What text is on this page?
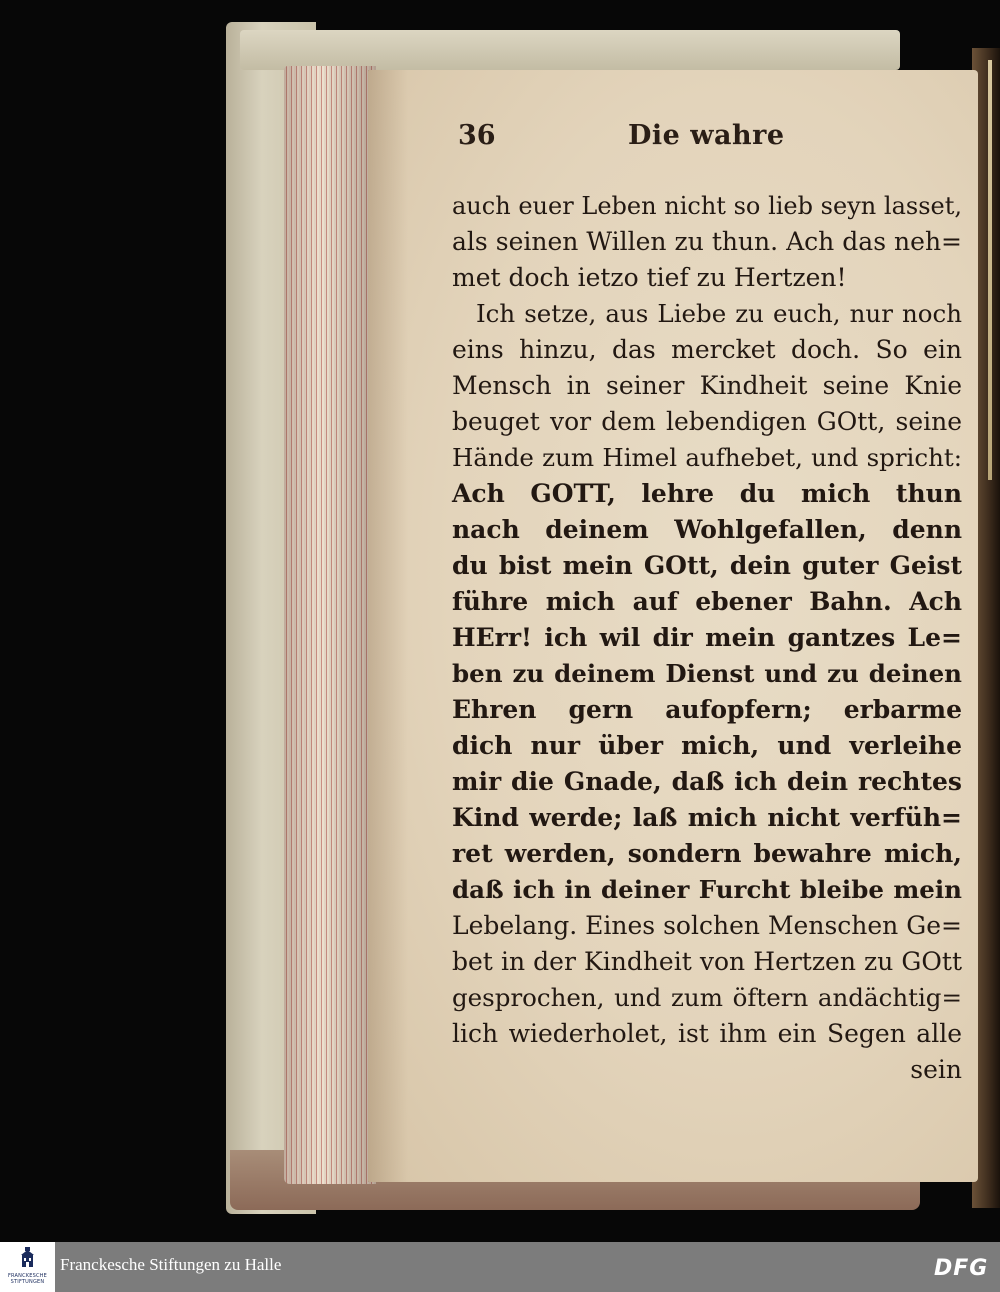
36	Die wahre
auch euer Leben nicht so lieb seyn lasset,
als seinen Willen zu thun. Ach das neh=
met doch ietzo tief zu Hertzen!
Ich setze, aus Liebe zu euch, nur noch
eins hinzu, das mercket doch. So ein
Mensch in seiner Kindheit seine Knie
beuget vor dem lebendigen GOtt, seine
Hände zum Himel aufhebet, und spricht:
Ach GOTT, lehre du mich thun
nach deinem Wohlgefallen, denn
du bist mein GOtt, dein guter Geist
führe mich auf ebener Bahn. Ach
HErr! ich wil dir mein gantzes Le=
ben zu deinem Dienst und zu deinen
Ehren gern aufopfern; erbarme
dich nur über mich, und verleihe
mir die Gnade, daß ich dein rechtes
Kind werde; laß mich nicht verfüh=
ret werden, sondern bewahre mich,
daß ich in deiner Furcht bleibe mein
Lebelang. Eines solchen Menschen Ge=
bet in der Kindheit von Hertzen zu GOtt
gesprochen, und zum öftern andächtig=
lich wiederholet, ist ihm ein Segen alle
sein
FRANCKESCHE
STIFTUNGEN
Franckesche Stiftungen zu Halle	DFG
